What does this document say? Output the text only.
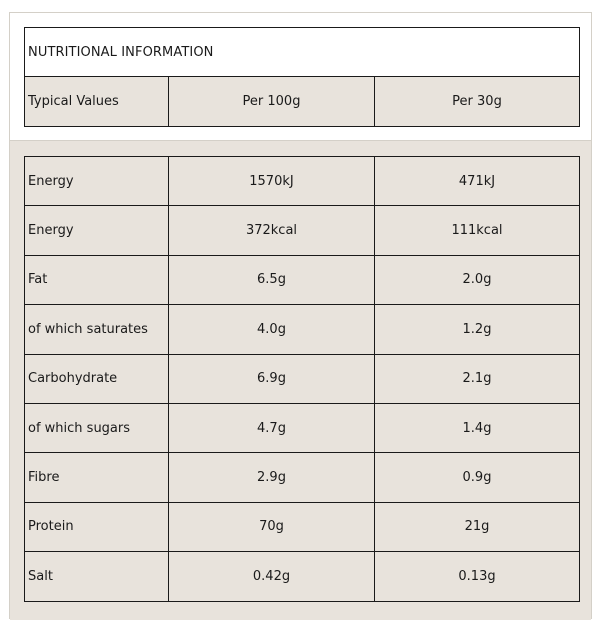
NUTRITIONAL INFORMATION
Typical Values	Per 100g	Per 30g
Energy	1570kJ	471kJ
Energy	372kcal	111kcal
Fat	6.5g	2.0g
of which saturates	4.0g	1.2g
Carbohydrate	6.9g	2.1g
of which sugars	4.7g	1.4g
Fibre	2.9g	0.9g
Protein	70g	21g
Salt	0.42g	0.13g
